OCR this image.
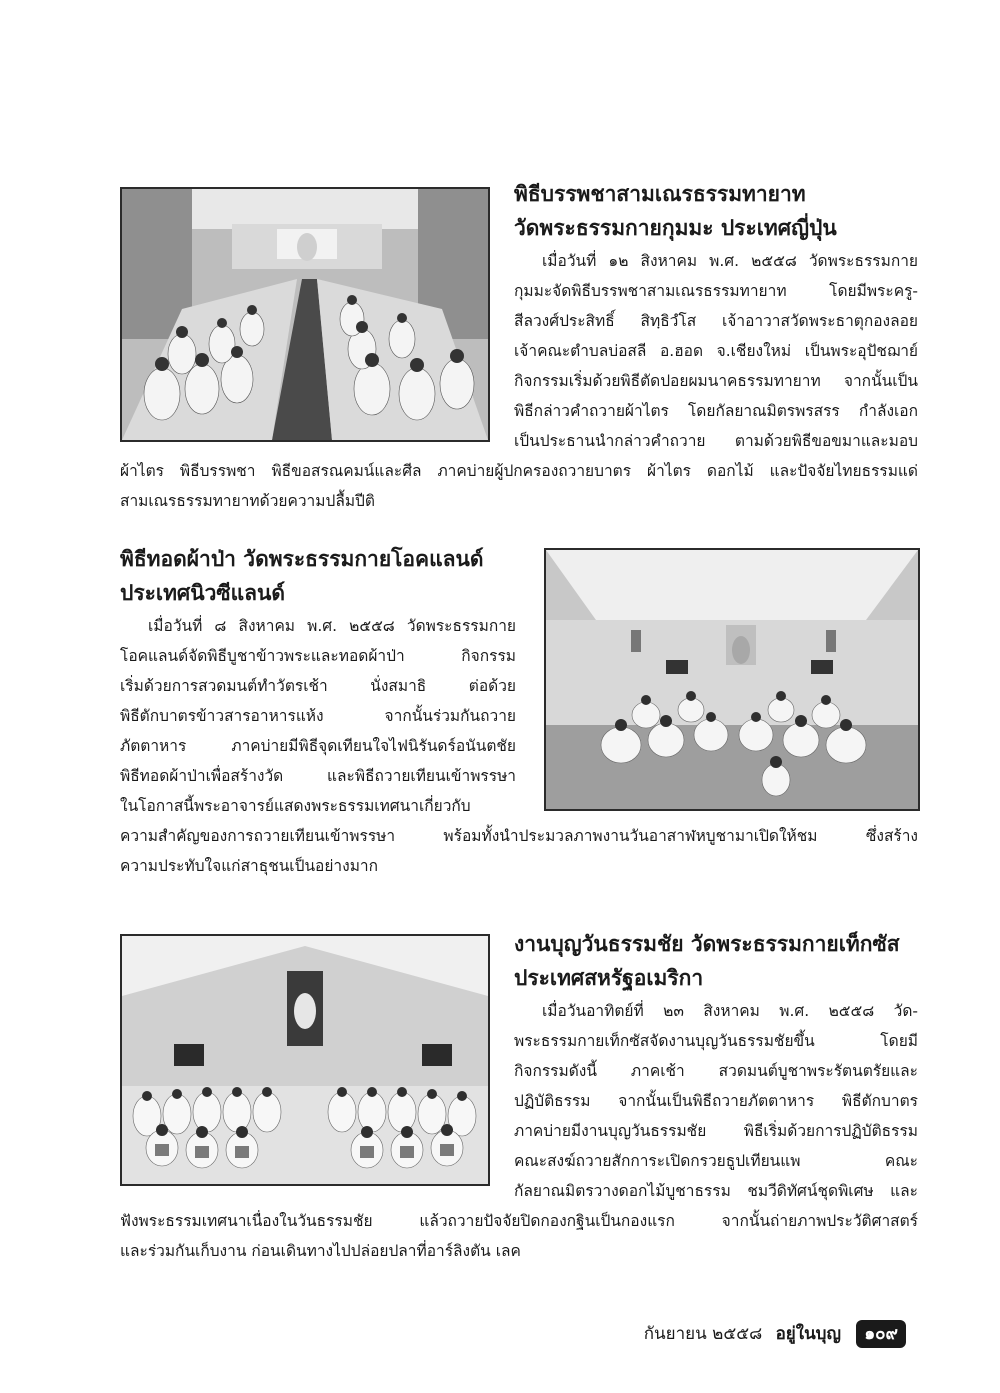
พิธีบรรพชาสามเณรธรรมทายาท
วัดพระธรรมกายกุมมะ ประเทศญี่ปุ่น
เมื่อวันที่ ๑๒ สิงหาคม พ.ศ. ๒๕๕๘ วัดพระธรรมกาย
กุมมะจัดพิธีบรรพชาสามเณรธรรมทายาท โดยมีพระครู-
สีลวงศ์ประสิทธิ์ สิทฺธิวํโส เจ้าอาวาสวัดพระธาตุกองลอย
เจ้าคณะตำบลบ่อสลี อ.ฮอด จ.เชียงใหม่ เป็นพระอุปัชฌาย์
กิจกรรมเริ่มด้วยพิธีตัดปอยผมนาคธรรมทายาท จากนั้นเป็น
พิธีกล่าวคำถวายผ้าไตร โดยกัลยาณมิตรพรสรร กำลังเอก
เป็นประธานนำกล่าวคำถวาย ตามด้วยพิธีขอขมาและมอบ
ผ้าไตร พิธีบรรพชา พิธีขอสรณคมน์และศีล ภาคบ่ายผู้ปกครองถวายบาตร ผ้าไตร ดอกไม้ และปัจจัยไทยธรรมแด่
สามเณรธรรมทายาทด้วยความปลื้มปีติ
พิธีทอดผ้าป่า วัดพระธรรมกายโอคแลนด์
ประเทศนิวซีแลนด์
เมื่อวันที่ ๘ สิงหาคม พ.ศ. ๒๕๕๘ วัดพระธรรมกาย
โอคแลนด์จัดพิธีบูชาข้าวพระและทอดผ้าป่า กิจกรรม
เริ่มด้วยการสวดมนต์ทำวัตรเช้า นั่งสมาธิ ต่อด้วย
พิธีตักบาตรข้าวสารอาหารแห้ง จากนั้นร่วมกันถวาย
ภัตตาหาร ภาคบ่ายมีพิธีจุดเทียนใจไฟนิรันดร์อนันตชัย
พิธีทอดผ้าป่าเพื่อสร้างวัด และพิธีถวายเทียนเข้าพรรษา
ในโอกาสนี้พระอาจารย์แสดงพระธรรมเทศนาเกี่ยวกับ
ความสำคัญของการถวายเทียนเข้าพรรษา พร้อมทั้งนำประมวลภาพงานวันอาสาฬหบูชามาเปิดให้ชม ซึ่งสร้าง
ความประทับใจแก่สาธุชนเป็นอย่างมาก
งานบุญวันธรรมชัย วัดพระธรรมกายเท็กซัส
ประเทศสหรัฐอเมริกา
เมื่อวันอาทิตย์ที่ ๒๓ สิงหาคม พ.ศ. ๒๕๕๘ วัด-
พระธรรมกายเท็กซัสจัดงานบุญวันธรรมชัยขึ้น โดยมี
กิจกรรมดังนี้ ภาคเช้า สวดมนต์บูชาพระรัตนตรัยและ
ปฏิบัติธรรม จากนั้นเป็นพิธีถวายภัตตาหาร พิธีตักบาตร
ภาคบ่ายมีงานบุญวันธรรมชัย พิธีเริ่มด้วยการปฏิบัติธรรม
คณะสงฆ์ถวายสักการะเปิดกรวยธูปเทียนแพ คณะ
กัลยาณมิตรวางดอกไม้บูชาธรรม ชมวีดิทัศน์ชุดพิเศษ และ
ฟังพระธรรมเทศนาเนื่องในวันธรรมชัย แล้วถวายปัจจัยปิดกองกฐินเป็นกองแรก จากนั้นถ่ายภาพประวัติศาสตร์
และร่วมกันเก็บงาน ก่อนเดินทางไปปล่อยปลาที่อาร์ลิงตัน เลค
กันยายน ๒๕๕๘ อยู่ในบุญ ๑๐๙
